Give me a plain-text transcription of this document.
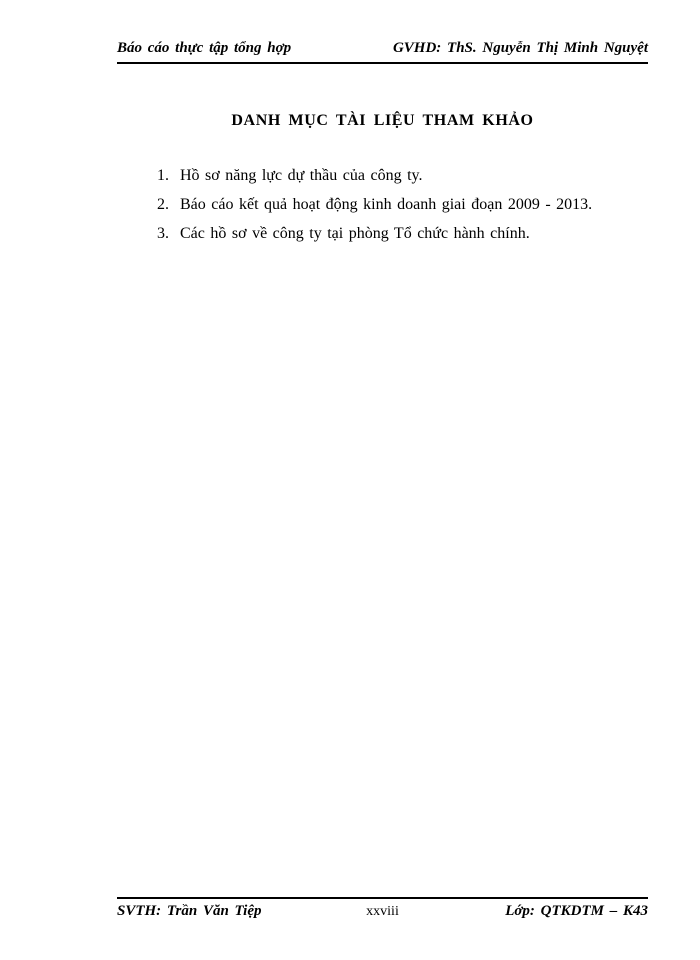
Báo cáo thực tập tổng hợp	GVHD: ThS. Nguyễn Thị Minh Nguyệt
DANH MỤC TÀI LIỆU THAM KHẢO
1. Hồ sơ năng lực dự thầu của công ty.
2. Báo cáo kết quả hoạt động kinh doanh giai đoạn 2009 - 2013.
3. Các hồ sơ về công ty tại phòng Tổ chức hành chính.
SVTH: Trần Văn Tiệp	xxviii	Lớp: QTKDTM – K43
